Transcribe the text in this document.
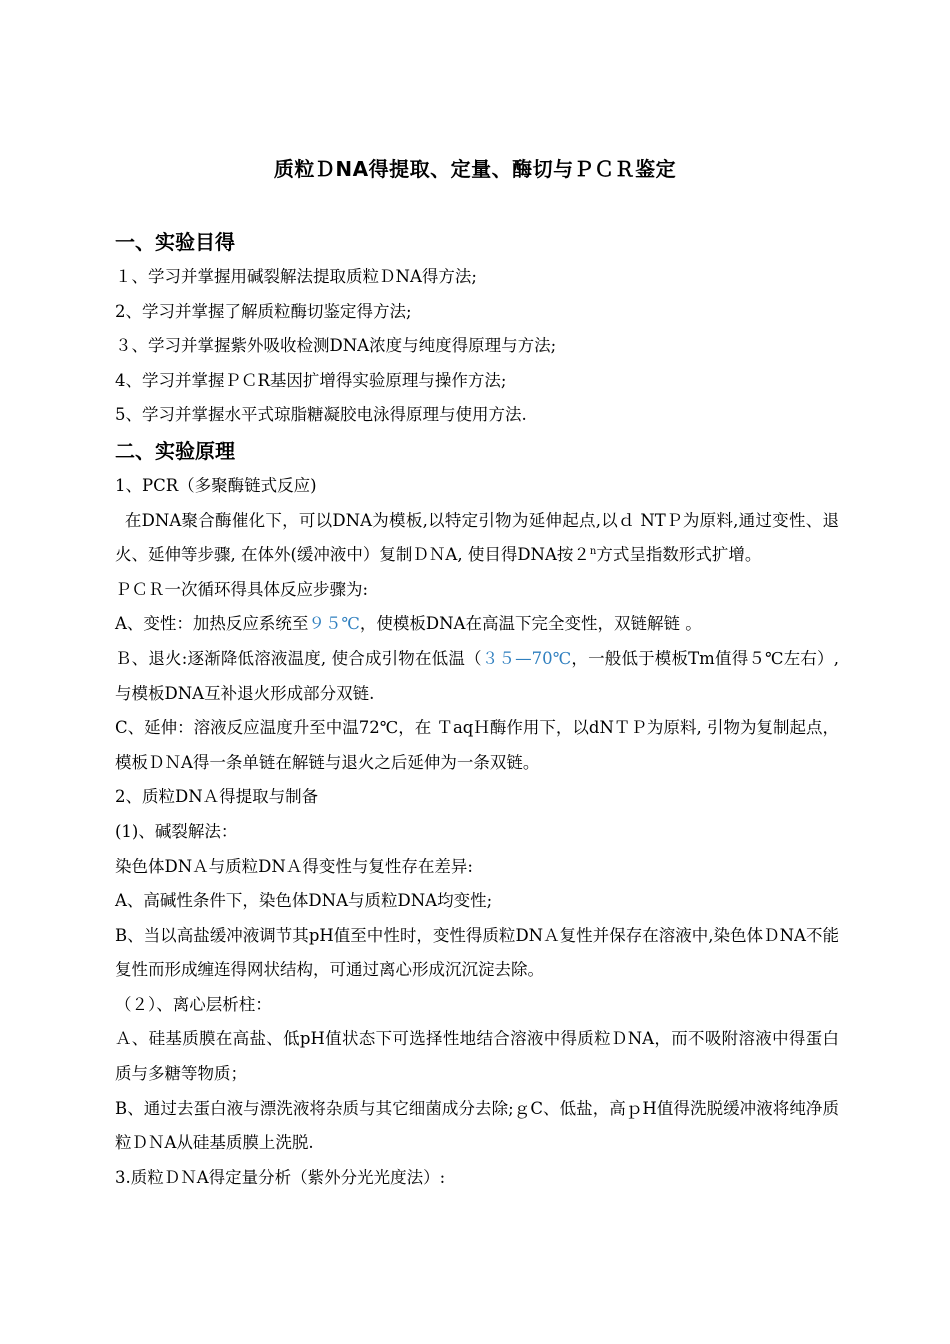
质粒ＤNA得提取、定量、酶切与ＰＣＲ鉴定
一、实验目得

１、学习并掌握用碱裂解法提取质粒ＤNA得方法;

2、学习并掌握了解质粒酶切鉴定得方法;

３、学习并掌握紫外吸收检测DNA浓度与纯度得原理与方法;

4、学习并掌握ＰＣR基因扩增得实验原理与操作方法;

5、学习并掌握水平式琼脂糖凝胶电泳得原理与使用方法.

二、实验原理

1、PCR（多聚酶链式反应)

在DNA聚合酶催化下，可以DNA为模板,以特定引物为延伸起点,以ｄ NTＰ为原料,通过变性、退火、延伸等步骤, 在体外(缓冲液中）复制ＤＮA, 使目得DNA按２$^n$方式呈指数形式扩增。

ＰＣＲ一次循环得具体反应步骤为:

A、变性：加热反应系统至９５℃，使模板DNA在高温下完全变性，双链解链 。

Ｂ、退火:逐渐降低溶液温度, 使合成引物在低温（３５—70℃，一般低于模板Tm值得５℃左右）, 与模板DNA互补退火形成部分双链.

C、延伸：溶液反应温度升至中温72℃，在 ＴaqＨ酶作用下，以dNＴＰ为原料, 引物为复制起点，模板ＤＮA得一条单链在解链与退火之后延伸为一条双链。

2、质粒DNＡ得提取与制备

(1)、碱裂解法：

染色体DNＡ与质粒DNＡ得变性与复性存在差异:

A、高碱性条件下，染色体DNA与质粒DNA均变性;

B、当以高盐缓冲液调节其pH值至中性时，变性得质粒DNＡ复性并保存在溶液中,染色体ＤNA不能复性而形成缠连得网状结构，可通过离心形成沉沉淀去除。

（２）、离心层析柱：

Ａ、硅基质膜在高盐、低pH值状态下可选择性地结合溶液中得质粒ＤNA，而不吸附溶液中得蛋白质与多糖等物质；

B、通过去蛋白液与漂洗液将杂质与其它细菌成分去除;ｇC、低盐，高ｐH值得洗脱缓冲液将纯净质粒ＤＮA从硅基质膜上洗脱.

3.质粒ＤＮA得定量分析（紫外分光光度法）:
